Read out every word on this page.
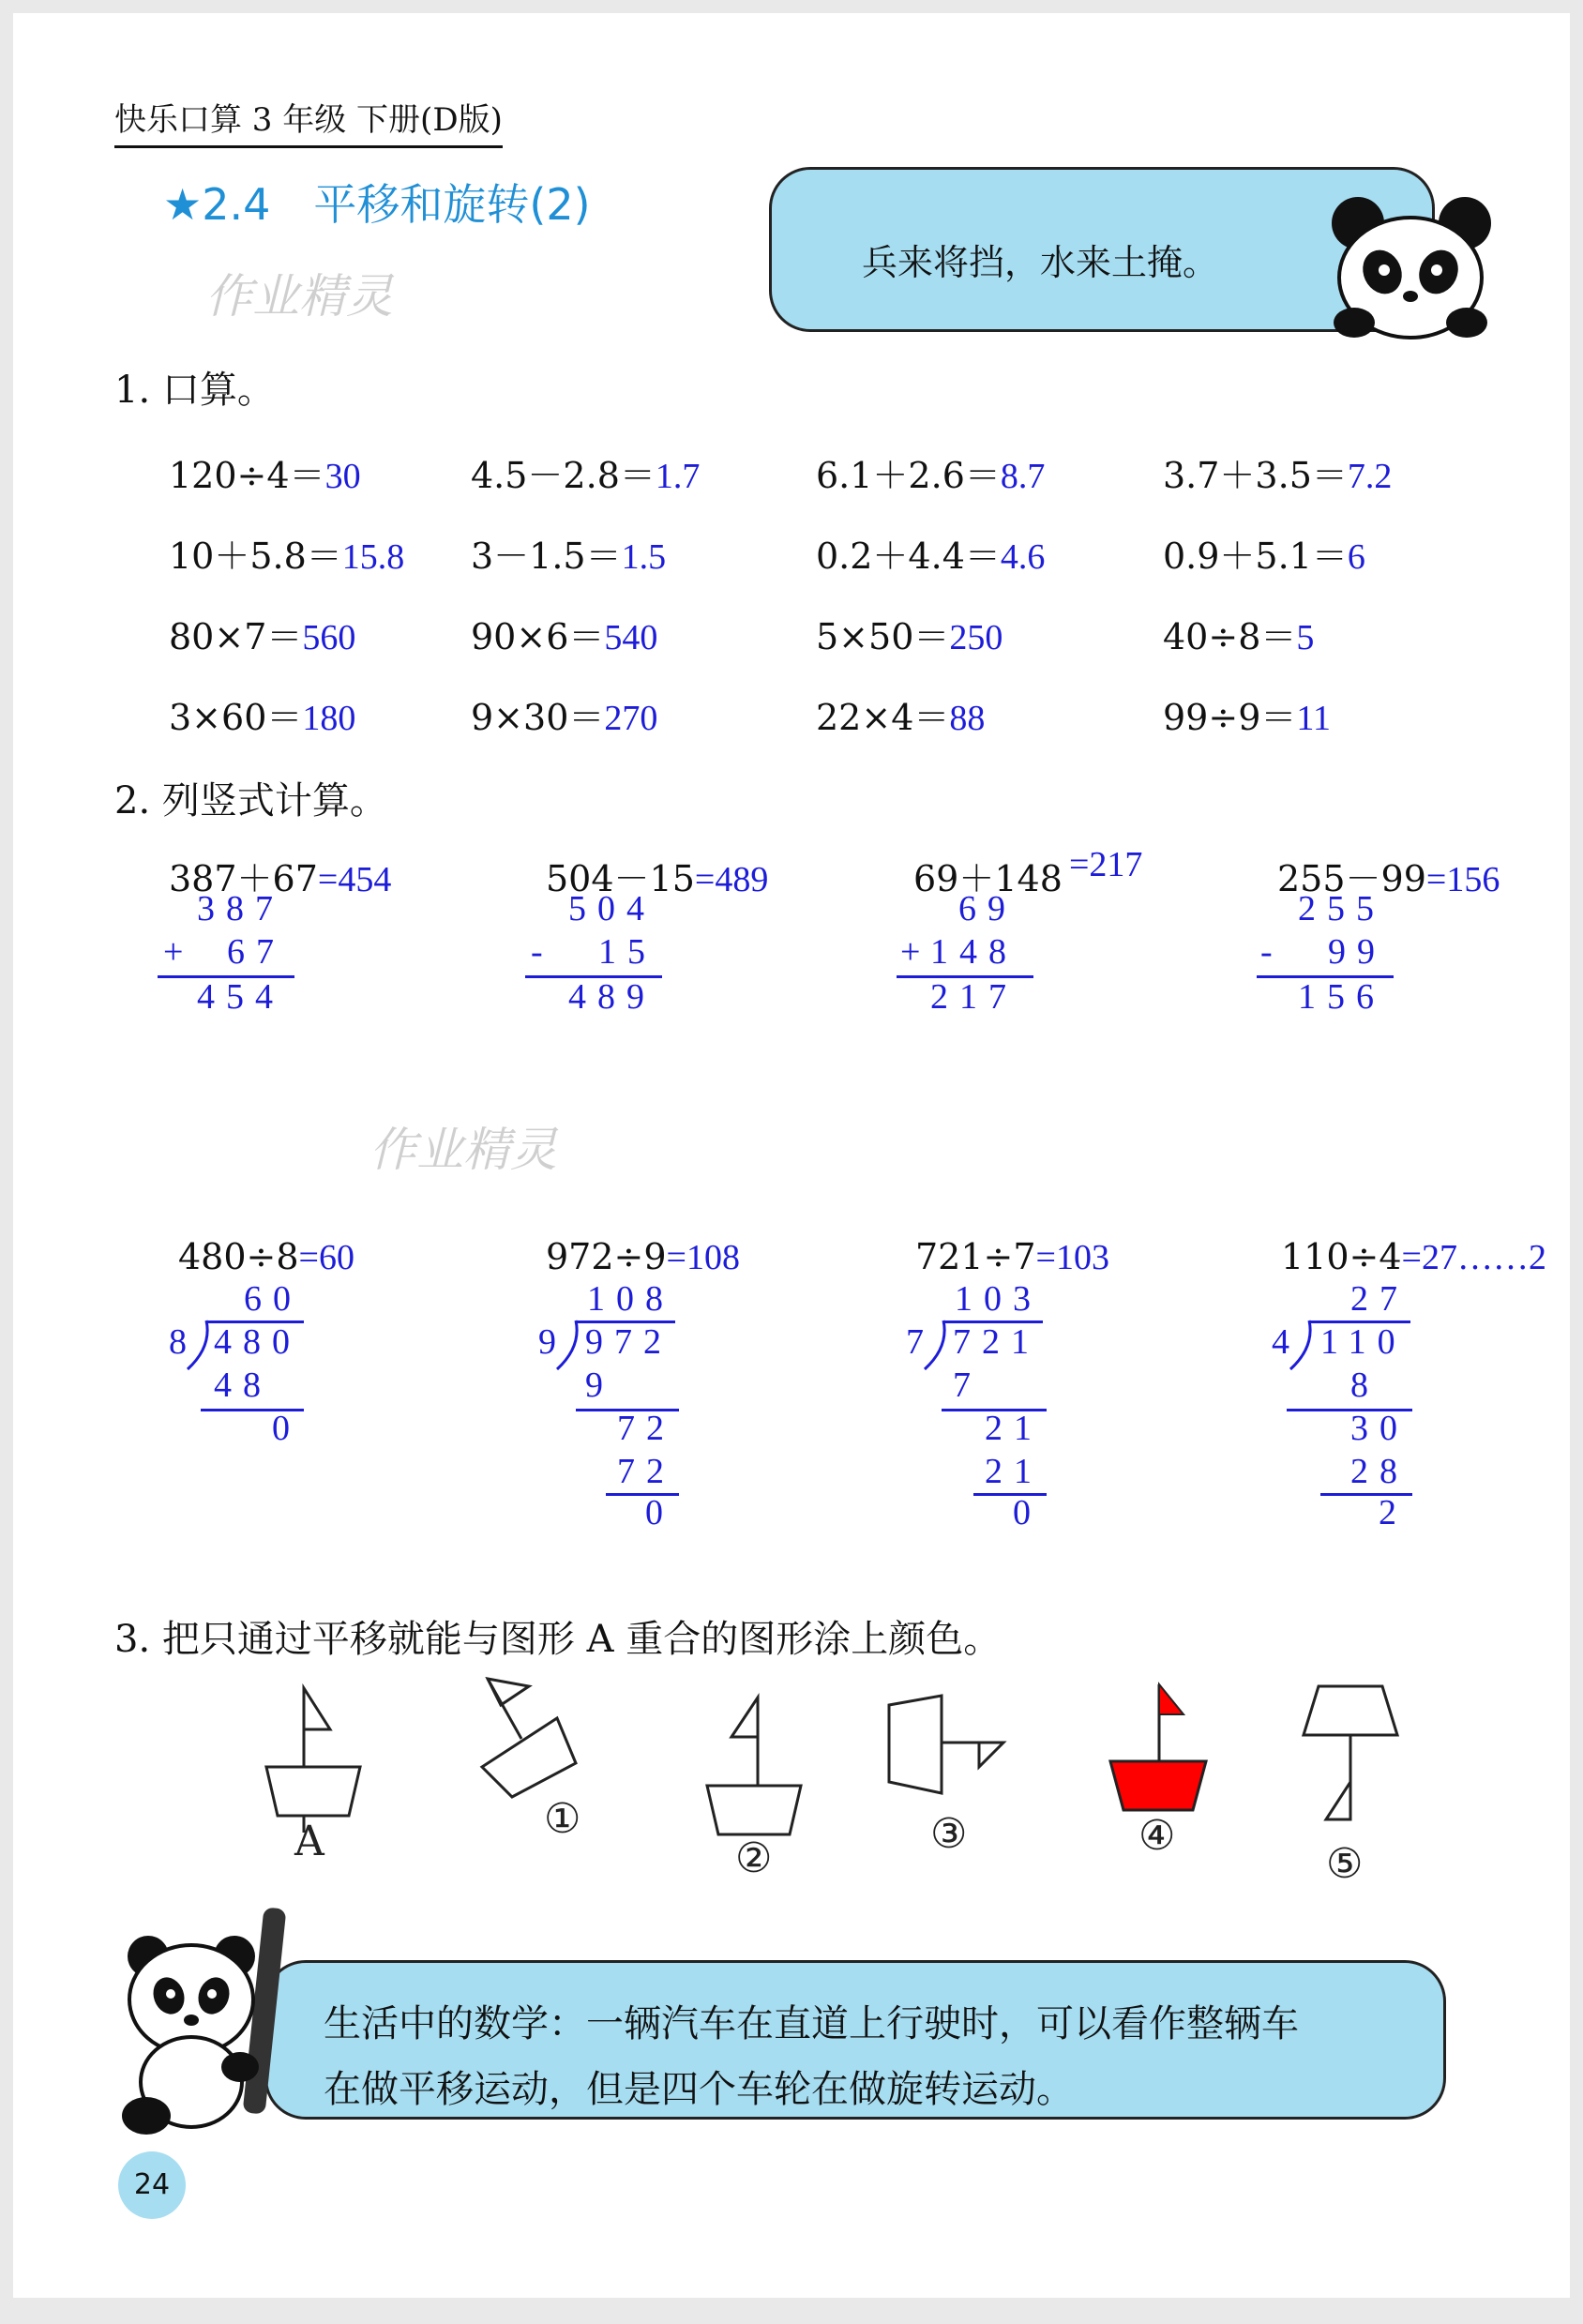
快乐口算 3 年级 下册(D版)
★2.4　平移和旋转(2)
作业精灵
兵来将挡，水来土掩。
1. 口算。
120÷4＝30	4.5－2.8＝1.7	6.1＋2.6＝8.7	3.7＋3.5＝7.2
10＋5.8＝15.8 3－1.5＝1.5	0.2＋4.4＝4.6	0.9＋5.1＝6
80×7＝560	90×6＝540	5×50＝250	40÷8＝5
3×60＝180	9×30＝270	22×4＝88	99÷9＝11
2. 列竖式计算。
387＋67=454
387
+ 67
454
504－15=489
504
- 15
489
69＋148 =217
69
+
148
217
255－99=156
255
- 99
156
作业精灵
480÷8=60
60
8 480
48
0
972÷9=108
108
9 972
9
72
72
0
721÷7=103
103
7 721
7
21
21
0
110÷4=27……2
27
4 110
8
30
28
2
3. 把只通过平移就能与图形 A 重合的图形涂上颜色。
A	①
②
③	④
⑤
生活中的数学：一辆汽车在直道上行驶时，可以看作整辆车
在做平移运动，但是四个车轮在做旋转运动。
24
